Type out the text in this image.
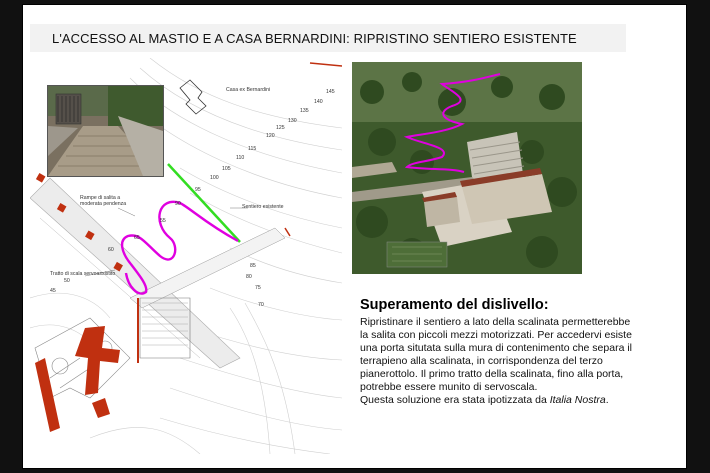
L'ACCESSO AL MASTIO E A CASA BERNARDINI: RIPRISTINO SENTIERO ESISTENTE
145
140
135
130
125
120
115
110
105
100
95
90
85
80
75
70
65
60
55
50
45
Casa ex Bernardini
Rampe di salita a
moderata pendenza	Sentiero esistente
Tratto di scala servoassistito
Superamento del dislivello:
Ripristinare il sentiero a lato della scalinata permetterebbe
la salita con piccoli mezzi motorizzati. Per accedervi esiste
una porta situtata sulla mura di contenimento che separa il
terrapieno alla scalinata, in corrispondenza del terzo
pianerottolo. Il primo tratto della scalinata, fino alla porta,
potrebbe essere munito di servoscala.
Questa soluzione era stata ipotizzata da Italia Nostra.
